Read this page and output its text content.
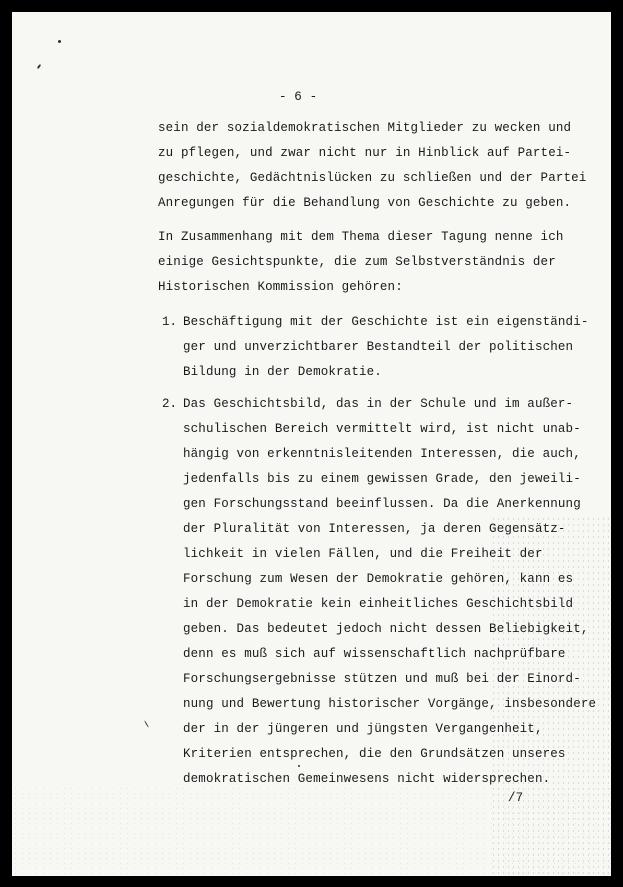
- 6 -

sein der sozialdemokratischen Mitglieder zu wecken und

zu pflegen, und zwar nicht nur in Hinblick auf Partei-

geschichte, Gedächtnislücken zu schließen und der Partei

Anregungen für die Behandlung von Geschichte zu geben.

In Zusammenhang mit dem Thema dieser Tagung nenne ich

einige Gesichtspunkte, die zum Selbstverständnis der

Historischen Kommission gehören:

1. Beschäftigung mit der Geschichte ist ein eigenständi-

ger und unverzichtbarer Bestandteil der politischen

Bildung in der Demokratie.

2. Das Geschichtsbild, das in der Schule und im außer-

schulischen Bereich vermittelt wird, ist nicht unab-

hängig von erkenntnisleitenden Interessen, die auch,

jedenfalls bis zu einem gewissen Grade, den jeweili-

gen Forschungsstand beeinflussen. Da die Anerkennung

der Pluralität von Interessen, ja deren Gegensätz-

lichkeit in vielen Fällen, und die Freiheit der

Forschung zum Wesen der Demokratie gehören, kann es

in der Demokratie kein einheitliches Geschichtsbild

geben. Das bedeutet jedoch nicht dessen Beliebigkeit,

denn es muß sich auf wissenschaftlich nachprüfbare

Forschungsergebnisse stützen und muß bei der Einord-

nung und Bewertung historischer Vorgänge, insbesondere

der in der jüngeren und jüngsten Vergangenheit,

Kriterien entsprechen, die den Grundsätzen unseres

demokratischen Gemeinwesens nicht widersprechen.

/7
